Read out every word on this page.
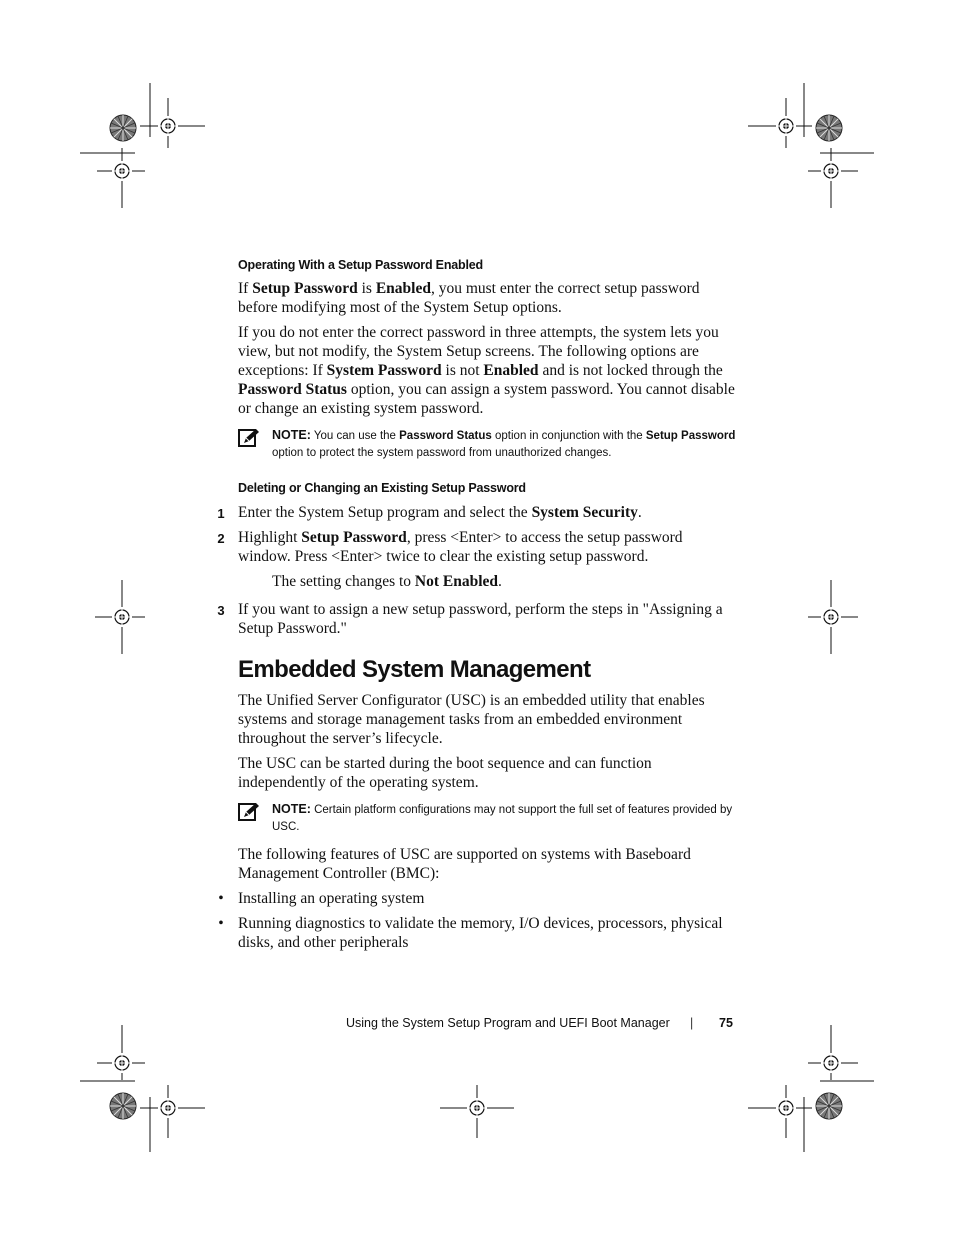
Operating With a Setup Password Enabled

If Setup Password is Enabled, you must enter the correct setup password before modifying most of the System Setup options.

If you do not enter the correct password in three attempts, the system lets you view, but not modify, the System Setup screens. The following options are exceptions: If System Password is not Enabled and is not locked through the Password Status option, you can assign a system password. You cannot disable or change an existing system password.

NOTE: You can use the Password Status option in conjunction with the Setup Password option to protect the system password from unauthorized changes.
Deleting or Changing an Existing Setup Password
1 Enter the System Setup program and select the System Security.
2 Highlight Setup Password, press <Enter> to access the setup password window. Press <Enter> twice to clear the existing setup password.

The setting changes to Not Enabled.

3 If you want to assign a new setup password, perform the steps in "Assigning a Setup Password."
Embedded System Management

The Unified Server Configurator (USC) is an embedded utility that enables systems and storage management tasks from an embedded environment throughout the server’s lifecycle.

The USC can be started during the boot sequence and can function independently of the operating system.

NOTE: Certain platform configurations may not support the full set of features provided by USC.

The following features of USC are supported on systems with Baseboard Management Controller (BMC):

• Installing an operating system
• Running diagnostics to validate the memory, I/O devices, processors, physical disks, and other peripherals
Using the System Setup Program and UEFI Boot Manager | 75
